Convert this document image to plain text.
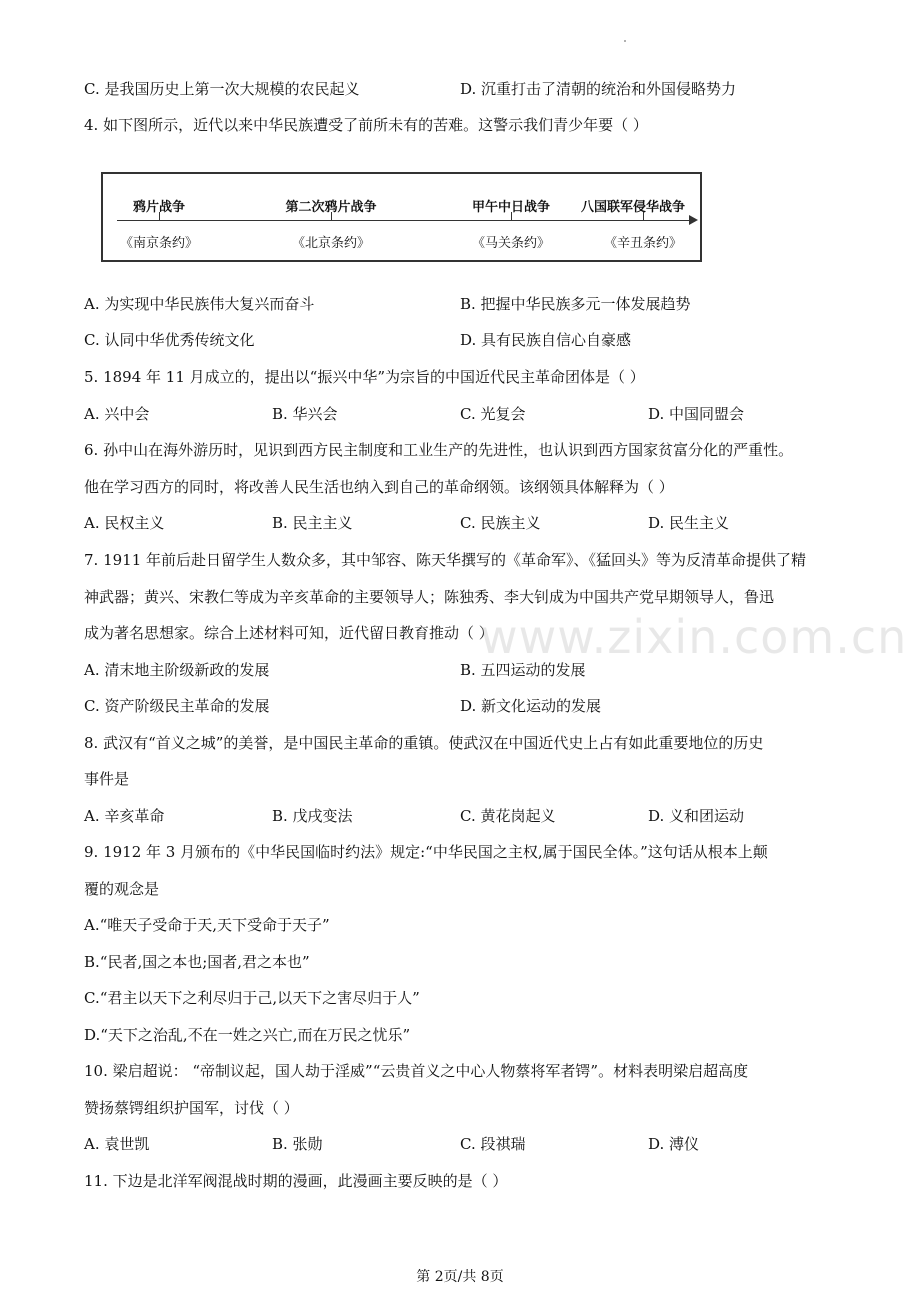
C. 是我国历史上第一次大规模的农民起义	D. 沉重打击了清朝的统治和外国侵略势力
4. 如下图所示，近代以来中华民族遭受了前所未有的苦难。这警示我们青少年要（ ）
鸦片战争	第二次鸦片战争	甲午中日战争 八国联军侵华战争
《南京条约》	《北京条约》	《马关条约》	《辛丑条约》
A. 为实现中华民族伟大复兴而奋斗	B. 把握中华民族多元一体发展趋势
C. 认同中华优秀传统文化	D. 具有民族自信心自豪感
5. 1894 年 11 月成立的，提出以“振兴中华”为宗旨的中国近代民主革命团体是（ ）
A. 兴中会	B. 华兴会	C. 光复会	D. 中国同盟会
6. 孙中山在海外游历时，见识到西方民主制度和工业生产的先进性，也认识到西方国家贫富分化的严重性。
他在学习西方的同时，将改善人民生活也纳入到自己的革命纲领。该纲领具体解释为（ ）
A. 民权主义	B. 民主主义	C. 民族主义	D. 民生主义
7. 1911 年前后赴日留学生人数众多，其中邹容、陈天华撰写的《革命军》、《猛回头》等为反清革命提供了精
神武器；黄兴、宋教仁等成为辛亥革命的主要领导人；陈独秀、李大钊成为中国共产党早期领导人，鲁迅
成为著名思想家。综合上述材料可知，近代留日教育推动（ ）
A. 清末地主阶级新政的发展	B. 五四运动的发展
C. 资产阶级民主革命的发展	D. 新文化运动的发展
8. 武汉有“首义之城”的美誉，是中国民主革命的重镇。使武汉在中国近代史上占有如此重要地位的历史
事件是
A. 辛亥革命	B. 戊戌变法	C. 黄花岗起义	D. 义和团运动
9. 1912 年 3 月颁布的《中华民国临时约法》规定:“中华民国之主权,属于国民全体。”这句话从根本上颠
覆的观念是
A.“唯天子受命于天,天下受命于天子”
B.“民者,国之本也;国者,君之本也”
C.“君主以天下之利尽归于己,以天下之害尽归于人”
D.“天下之治乱,不在一姓之兴亡,而在万民之忧乐”
10. 梁启超说： “帝制议起，国人劫于淫威”“云贵首义之中心人物蔡将军者锷”。材料表明梁启超高度
赞扬蔡锷组织护国军，讨伐（ ）
A. 袁世凯	B. 张勋	C. 段祺瑞	D. 溥仪
11. 下边是北洋军阀混战时期的漫画，此漫画主要反映的是（ ）
www.zixin.com.cn
第 2页/共 8页
